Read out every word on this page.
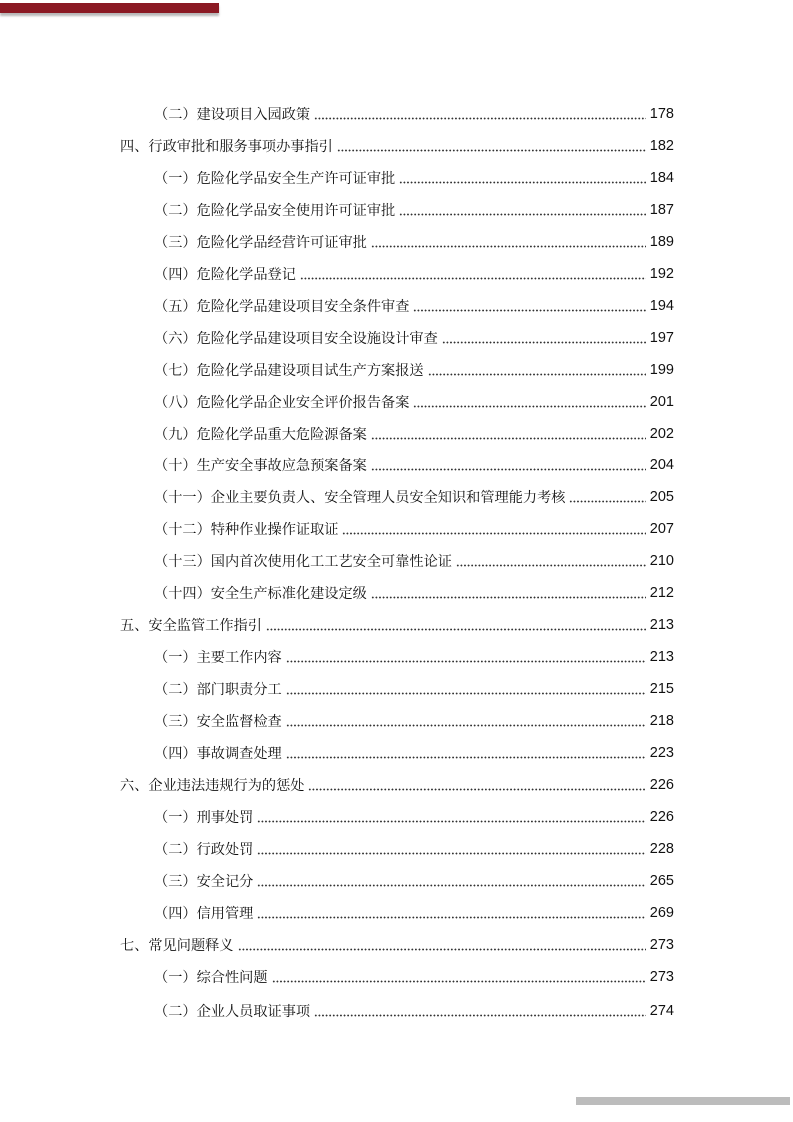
（二）建设项目入园政策	178
四、行政审批和服务事项办事指引	182
（一）危险化学品安全生产许可证审批	184
（二）危险化学品安全使用许可证审批	187
（三）危险化学品经营许可证审批	189
（四）危险化学品登记	192
（五）危险化学品建设项目安全条件审查	194
（六）危险化学品建设项目安全设施设计审查	197
（七）危险化学品建设项目试生产方案报送	199
（八）危险化学品企业安全评价报告备案	201
（九）危险化学品重大危险源备案	202
（十）生产安全事故应急预案备案	204
（十一）企业主要负责人、安全管理人员安全知识和管理能力考核	205
（十二）特种作业操作证取证	207
（十三）国内首次使用化工工艺安全可靠性论证	210
（十四）安全生产标准化建设定级	212
五、安全监管工作指引	213
（一）主要工作内容	213
（二）部门职责分工	215
（三）安全监督检查	218
（四）事故调查处理	223
六、企业违法违规行为的惩处	226
（一）刑事处罚	226
（二）行政处罚	228
（三）安全记分	265
（四）信用管理	269
七、常见问题释义	273
（一）综合性问题	273
（二）企业人员取证事项	274
